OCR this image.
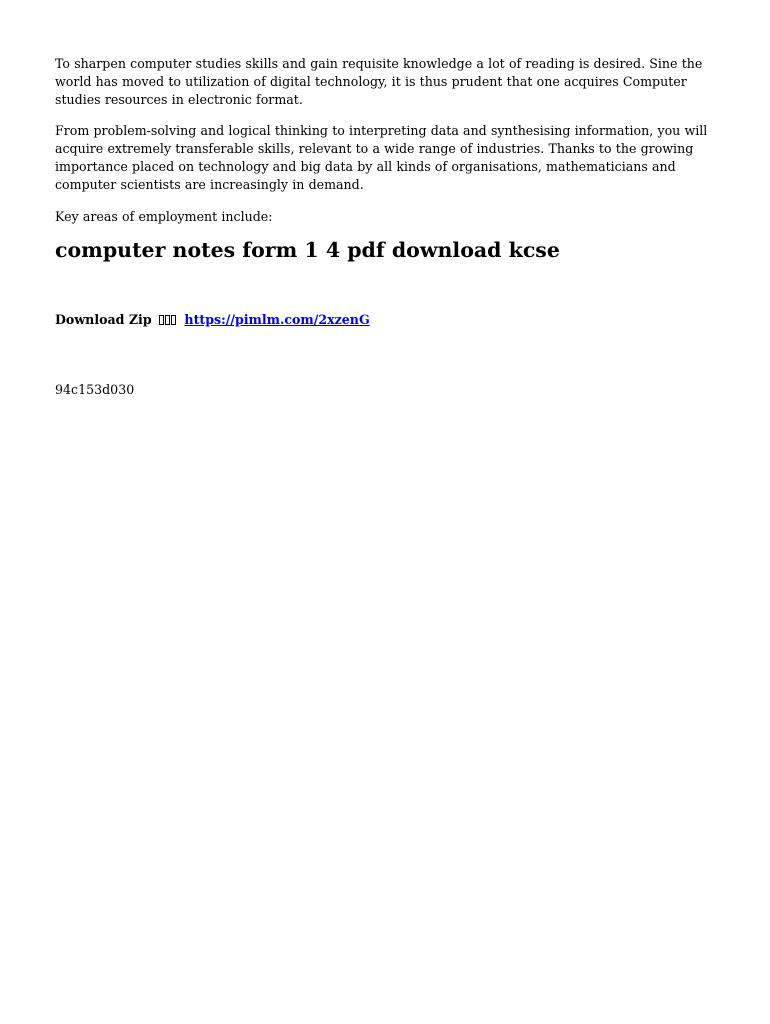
To sharpen computer studies skills and gain requisite knowledge a lot of reading is desired. Sine the world has moved to utilization of digital technology, it is thus prudent that one acquires Computer studies resources in electronic format.

From problem-solving and logical thinking to interpreting data and synthesising information, you will acquire extremely transferable skills, relevant to a wide range of industries. Thanks to the growing importance placed on technology and big data by all kinds of organisations, mathematicians and computer scientists are increasingly in demand.

Key areas of employment include:

computer notes form 1 4 pdf download kcse
Download Zip	https://pimlm.com/2xzenG
94c153d030
